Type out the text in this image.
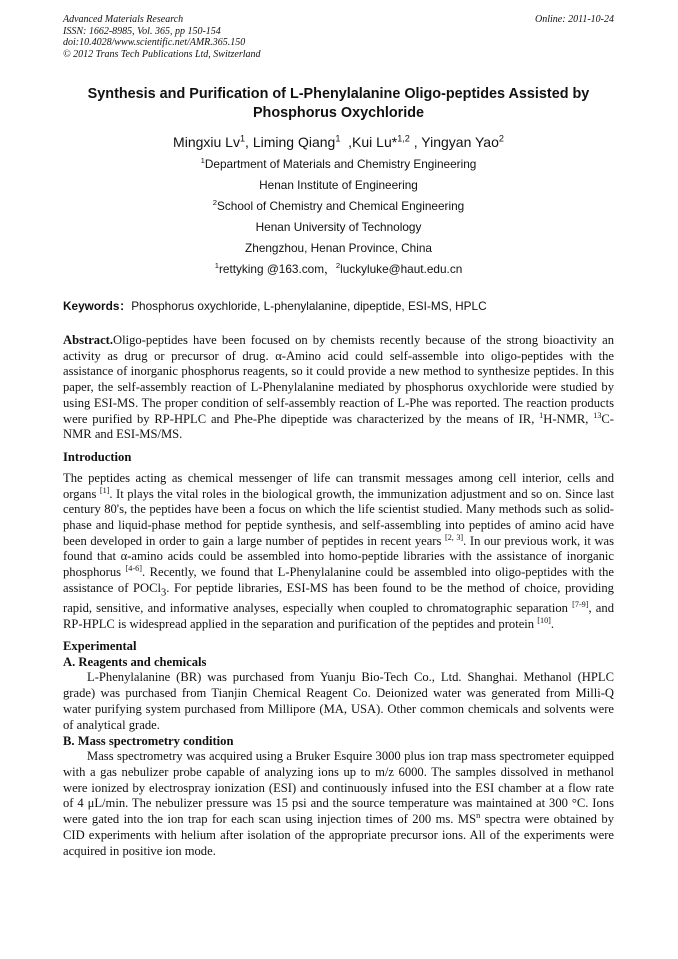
Advanced Materials Research
ISSN: 1662-8985, Vol. 365, pp 150-154
doi:10.4028/www.scientific.net/AMR.365.150
© 2012 Trans Tech Publications Ltd, Switzerland
Online: 2011-10-24
Synthesis and Purification of L-Phenylalanine Oligo-peptides Assisted by Phosphorus Oxychloride
Mingxiu Lv$^1$, Liming Qiang$^1$  ,Kui Lu*$^{1,2}$ , Yingyan Yao$^2$
$^1$Department of Materials and Chemistry Engineering
Henan Institute of Engineering
$^2$School of Chemistry and Chemical Engineering
Henan University of Technology
Zhengzhou, Henan Province, China
$^1$rettyking @163.com，$^2$luckyluke@haut.edu.cn
Keywords：Phosphorus oxychloride, L-phenylalanine, dipeptide, ESI-MS, HPLC

Abstract.Oligo-peptides have been focused on by chemists recently because of the strong bioactivity an activity as drug or precursor of drug. α-Amino acid could self-assemble into oligo-peptides with the assistance of inorganic phosphorus reagents, so it could provide a new method to synthesize peptides. In this paper, the self-assembly reaction of L-Phenylalanine mediated by phosphorus oxychloride were studied by using ESI-MS. The proper condition of self-assembly reaction of L-Phe was reported. The reaction products were purified by RP-HPLC and Phe-Phe dipeptide was characterized by the means of IR, $^1$H-NMR, $^{13}$C-NMR and ESI-MS/MS.

Introduction

The peptides acting as chemical messenger of life can transmit messages among cell interior, cells and organs [1]. It plays the vital roles in the biological growth, the immunization adjustment and so on. Since last century 80's, the peptides have been a focus on which the life scientist studied. Many methods such as solid-phase and liquid-phase method for peptide synthesis, and self-assembling into peptides of amino acid have been developed in order to gain a large number of peptides in recent years [2, 3]. In our previous work, it was found that α-amino acids could be assembled into homo-peptide libraries with the assistance of inorganic phosphorus [4-6]. Recently, we found that L-Phenylalanine could be assembled into oligo-peptides with the assistance of POCl$_3$. For peptide libraries, ESI-MS has been found to be the method of choice, providing rapid, sensitive, and informative analyses, especially when coupled to chromatographic separation [7-9], and RP-HPLC is widespread applied in the separation and purification of the peptides and protein [10].

Experimental
A. Reagents and chemicals

L-Phenylalanine (BR) was purchased from Yuanju Bio-Tech Co., Ltd. Shanghai. Methanol (HPLC grade) was purchased from Tianjin Chemical Reagent Co. Deionized water was generated from Milli-Q water purifying system purchased from Millipore (MA, USA). Other common chemicals and solvents were of analytical grade.

B. Mass spectrometry condition

Mass spectrometry was acquired using a Bruker Esquire 3000 plus ion trap mass spectrometer equipped with a gas nebulizer probe capable of analyzing ions up to m/z 6000. The samples dissolved in methanol were ionized by electrospray ionization (ESI) and continuously infused into the ESI chamber at a flow rate of 4 μL/min. The nebulizer pressure was 15 psi and the source temperature was maintained at 300 °C. Ions were gated into the ion trap for each scan using injection times of 200 ms. $MS^n$ spectra were obtained by CID experiments with helium after isolation of the appropriate precursor ions. All of the experiments were acquired in positive ion mode.
